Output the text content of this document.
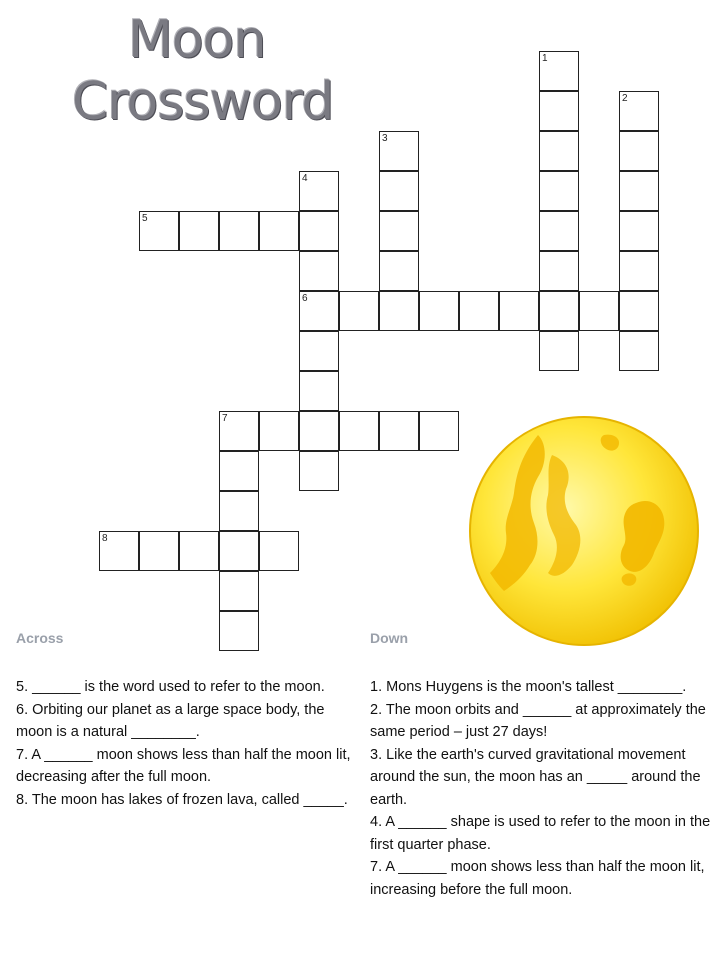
Moon
Crossword
1
2
3
4
6
5
7
8
Across	Down

5. ______ is the word used to refer to the moon.

6. Orbiting our planet as a large space body, the moon is a natural ________.

7. A ______ moon shows less than half the moon lit, decreasing after the full moon.

8. The moon has lakes of frozen lava, called _____.

1. Mons Huygens is the moon's tallest ________.

2. The moon orbits and ______ at approximately the same period – just 27 days!

3. Like the earth's curved gravitational movement around the sun, the moon has an _____ around the earth.

4. A ______ shape is used to refer to the moon in the first quarter phase.

7. A ______ moon shows less than half the moon lit, increasing before the full moon.
